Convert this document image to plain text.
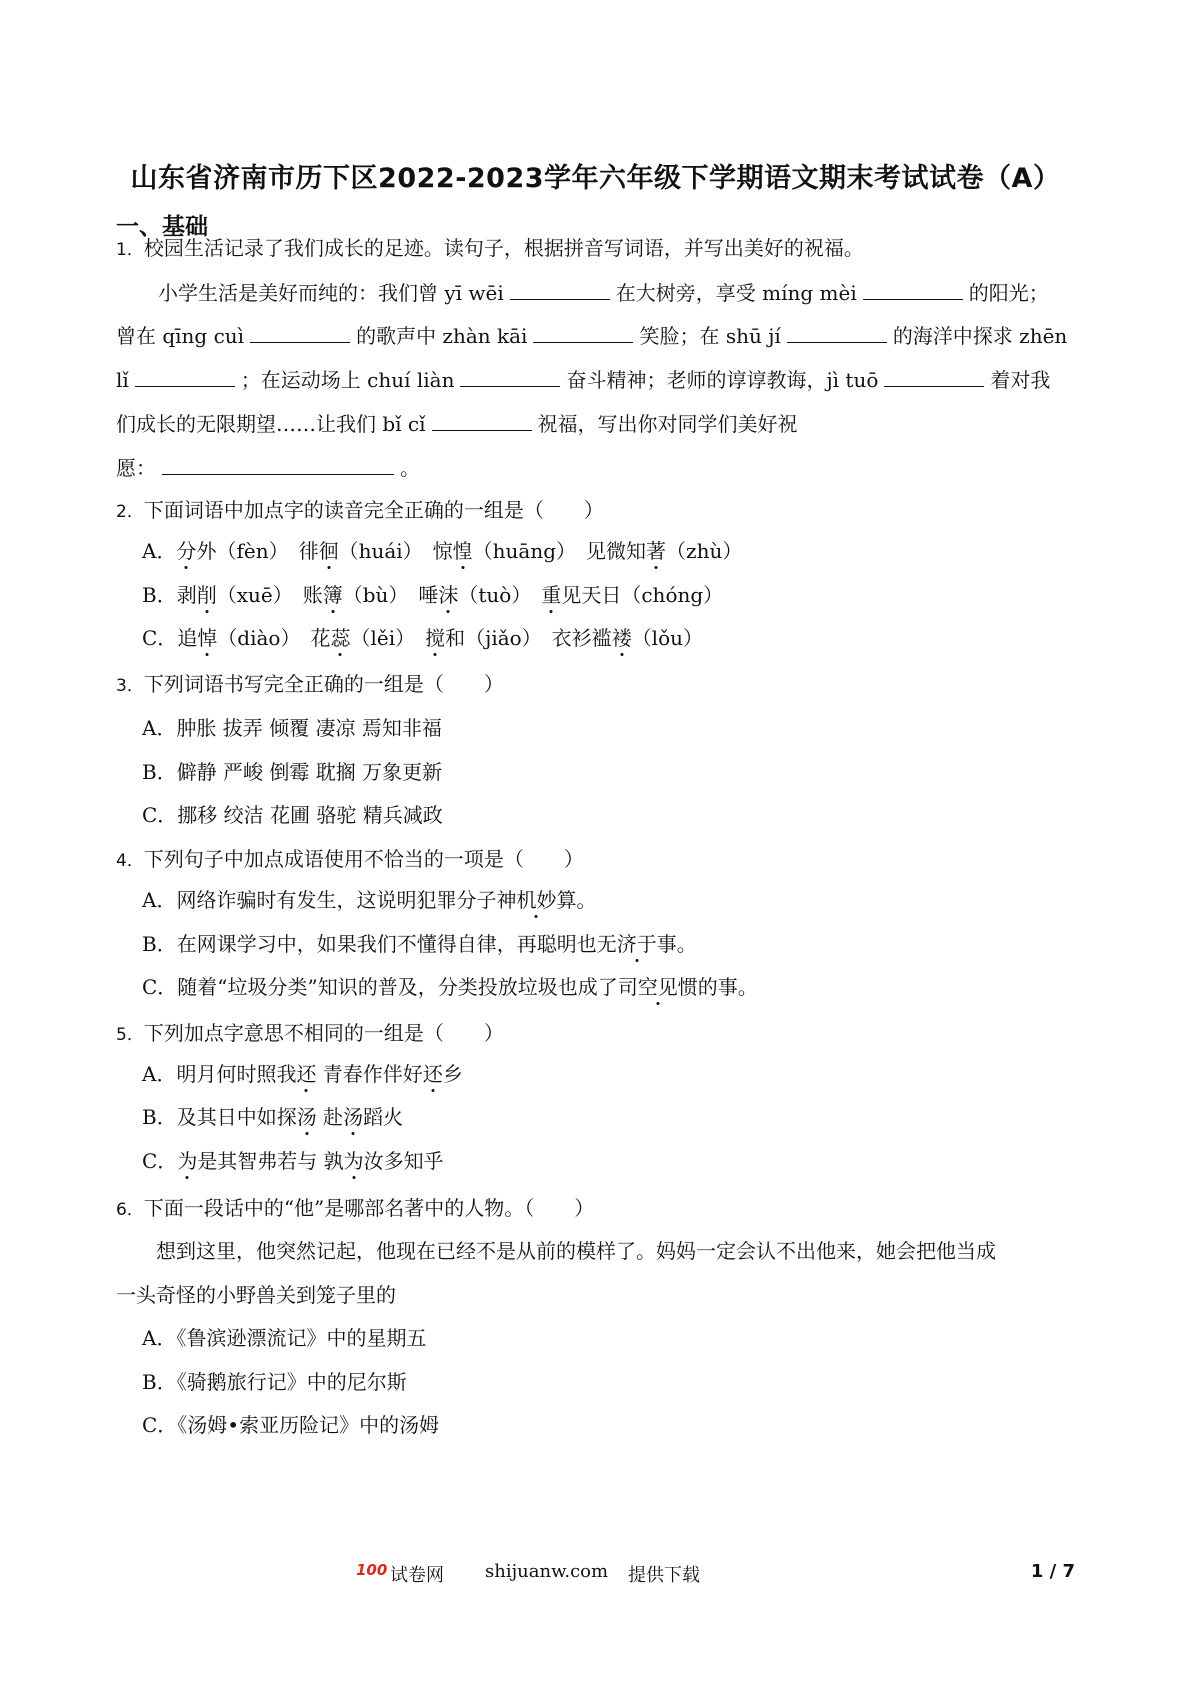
山东省济南市历下区2022-2023学年六年级下学期语文期末考试试卷（A）
一、基础
1．校园生活记录了我们成长的足迹。读句子，根据拼音写词语，并写出美好的祝福。
小学生活是美好而纯的：我们曾 yī wēi	在大树旁，享受 míng mèi	的阳光；
曾在 qīng cuì	的歌声中 zhàn kāi	笑脸；在 shū jí	的海洋中探求 zhēn
lǐ	；在运动场上 chuí liàn	奋斗精神；老师的谆谆教诲，jì tuō	着对我
们成长的无限期望……让我们 bǐ cǐ	祝福，写出你对同学们美好祝
愿：	。
2．下面词语中加点字的读音完全正确的一组是（　　）
A．分外（fèn）　徘徊（huái）　惊惶（huāng）　见微知著（zhù）
B．剥削（xuē）　账簿（bù）　唾沫（tuò）　重见天日（chóng）
C．追悼（diào）　花蕊（lěi）　搅和（jiǎo）　衣衫褴褛（lǒu）
3．下列词语书写完全正确的一组是（　　）
A．肿胀 拔弄 倾覆 凄凉 焉知非福
B．僻静 严峻 倒霉 耽搁 万象更新
C．挪移 绞洁 花圃 骆驼 精兵减政
4．下列句子中加点成语使用不恰当的一项是（　　）
A．网络诈骗时有发生，这说明犯罪分子神机妙算。
B．在网课学习中，如果我们不懂得自律，再聪明也无济于事。
C．随着“垃圾分类”知识的普及，分类投放垃圾也成了司空见惯的事。
5．下列加点字意思不相同的一组是（　　）
A．明月何时照我还 青春作伴好还乡
B．及其日中如探汤 赴汤蹈火
C．为是其智弗若与 孰为汝多知乎
6．下面一段话中的“他”是哪部名著中的人物。（　　）
想到这里，他突然记起，他现在已经不是从前的模样了。妈妈一定会认不出他来，她会把他当成
一头奇怪的小野兽关到笼子里的
A．《鲁滨逊漂流记》中的星期五
B．《骑鹅旅行记》中的尼尔斯
C．《汤姆•索亚历险记》中的汤姆
100 试卷网 shijuanw.com 提供下载	1 / 7
